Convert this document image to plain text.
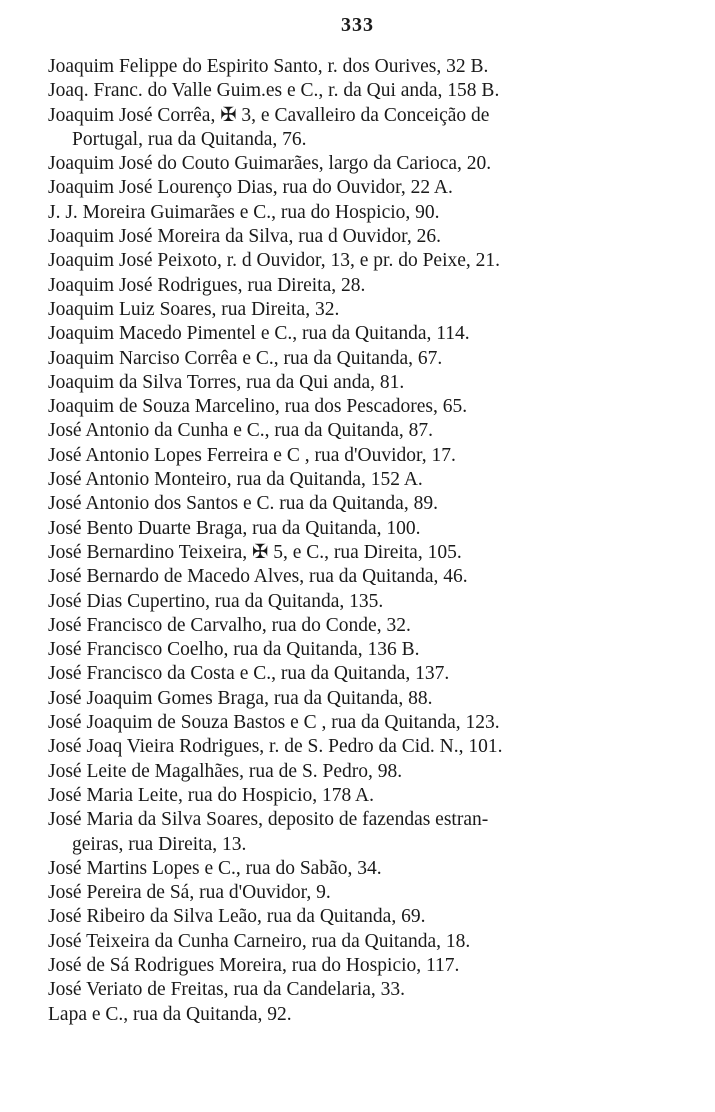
333
Joaquim Felippe do Espirito Santo, r. dos Ourives, 32 B.
Joaq. Franc. do Valle Guim.es e C., r. da Qui anda, 158 B.
Joaquim José Corrêa, ✠ 3, e Cavalleiro da Conceição de
Portugal, rua da Quitanda, 76.
Joaquim José do Couto Guimarães, largo da Carioca, 20.
Joaquim José Lourenço Dias, rua do Ouvidor, 22 A.
J. J. Moreira Guimarães e C., rua do Hospicio, 90.
Joaquim José Moreira da Silva, rua d Ouvidor, 26.
Joaquim José Peixoto, r. d Ouvidor, 13, e pr. do Peixe, 21.
Joaquim José Rodrigues, rua Direita, 28.
Joaquim Luiz Soares, rua Direita, 32.
Joaquim Macedo Pimentel e C., rua da Quitanda, 114.
Joaquim Narciso Corrêa e C., rua da Quitanda, 67.
Joaquim da Silva Torres, rua da Qui anda, 81.
Joaquim de Souza Marcelino, rua dos Pescadores, 65.
José Antonio da Cunha e C., rua da Quitanda, 87.
José Antonio Lopes Ferreira e C , rua d'Ouvidor, 17.
José Antonio Monteiro, rua da Quitanda, 152 A.
José Antonio dos Santos e C. rua da Quitanda, 89.
José Bento Duarte Braga, rua da Quitanda, 100.
José Bernardino Teixeira, ✠ 5, e C., rua Direita, 105.
José Bernardo de Macedo Alves, rua da Quitanda, 46.
José Dias Cupertino, rua da Quitanda, 135.
José Francisco de Carvalho, rua do Conde, 32.
José Francisco Coelho, rua da Quitanda, 136 B.
José Francisco da Costa e C., rua da Quitanda, 137.
José Joaquim Gomes Braga, rua da Quitanda, 88.
José Joaquim de Souza Bastos e C , rua da Quitanda, 123.
José Joaq Vieira Rodrigues, r. de S. Pedro da Cid. N., 101.
José Leite de Magalhães, rua de S. Pedro, 98.
José Maria Leite, rua do Hospicio, 178 A.
José Maria da Silva Soares, deposito de fazendas estran-
geiras, rua Direita, 13.
José Martins Lopes e C., rua do Sabão, 34.
José Pereira de Sá, rua d'Ouvidor, 9.
José Ribeiro da Silva Leão, rua da Quitanda, 69.
José Teixeira da Cunha Carneiro, rua da Quitanda, 18.
José de Sá Rodrigues Moreira, rua do Hospicio, 117.
José Veriato de Freitas, rua da Candelaria, 33.
Lapa e C., rua da Quitanda, 92.
